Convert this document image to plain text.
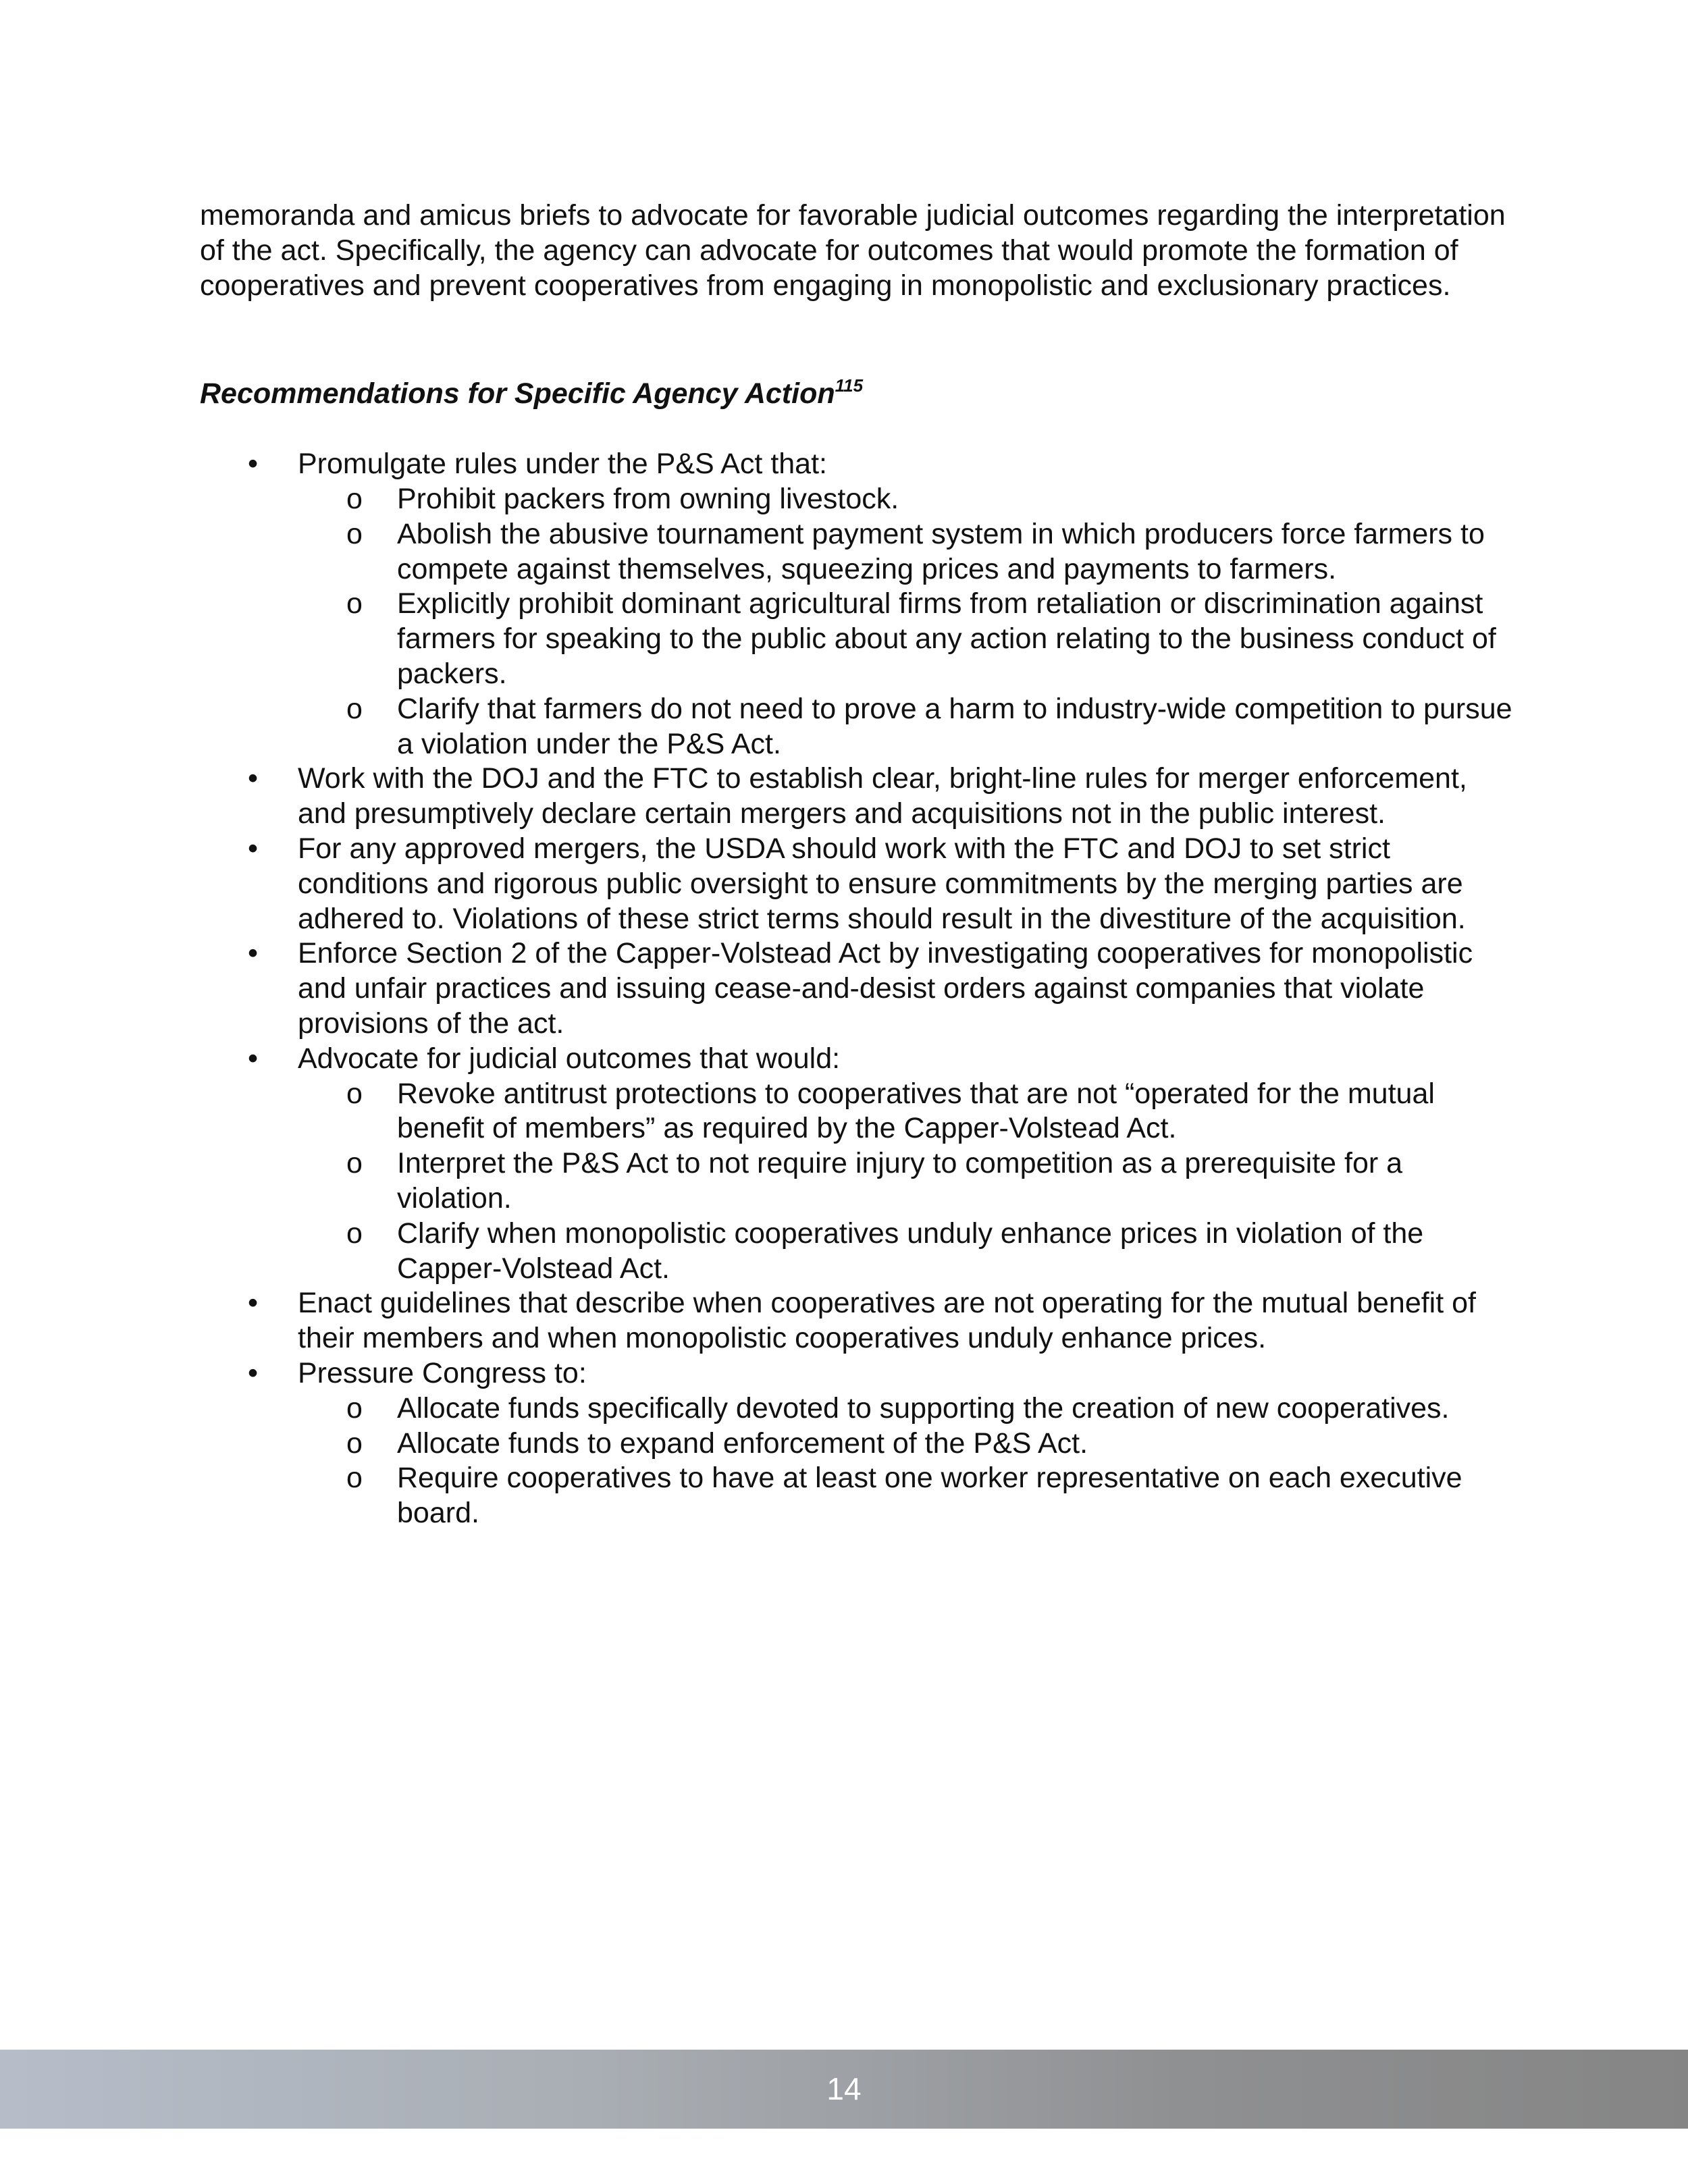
memoranda and amicus briefs to advocate for favorable judicial outcomes regarding the interpretation of the act. Specifically, the agency can advocate for outcomes that would promote the formation of cooperatives and prevent cooperatives from engaging in monopolistic and exclusionary practices.

Recommendations for Specific Agency Action$^{115}$
• Promulgate rules under the P&S Act that:
o Prohibit packers from owning livestock.
o Abolish the abusive tournament payment system in which producers force farmers to compete against themselves, squeezing prices and payments to farmers.
o Explicitly prohibit dominant agricultural firms from retaliation or discrimination against farmers for speaking to the public about any action relating to the business conduct of packers.
o Clarify that farmers do not need to prove a harm to industry-wide competition to pursue a violation under the P&S Act.
• Work with the DOJ and the FTC to establish clear, bright-line rules for merger enforcement, and presumptively declare certain mergers and acquisitions not in the public interest.
• For any approved mergers, the USDA should work with the FTC and DOJ to set strict conditions and rigorous public oversight to ensure commitments by the merging parties are adhered to. Violations of these strict terms should result in the divestiture of the acquisition.
• Enforce Section 2 of the Capper-Volstead Act by investigating cooperatives for monopolistic and unfair practices and issuing cease-and-desist orders against companies that violate provisions of the act.
• Advocate for judicial outcomes that would:
o Revoke antitrust protections to cooperatives that are not “operated for the mutual benefit of members” as required by the Capper-Volstead Act.
o Interpret the P&S Act to not require injury to competition as a prerequisite for a violation.
o Clarify when monopolistic cooperatives unduly enhance prices in violation of the Capper-Volstead Act.
• Enact guidelines that describe when cooperatives are not operating for the mutual benefit of their members and when monopolistic cooperatives unduly enhance prices.
• Pressure Congress to:
o Allocate funds specifically devoted to supporting the creation of new cooperatives.
o Allocate funds to expand enforcement of the P&S Act.
o Require cooperatives to have at least one worker representative on each executive board.
14
